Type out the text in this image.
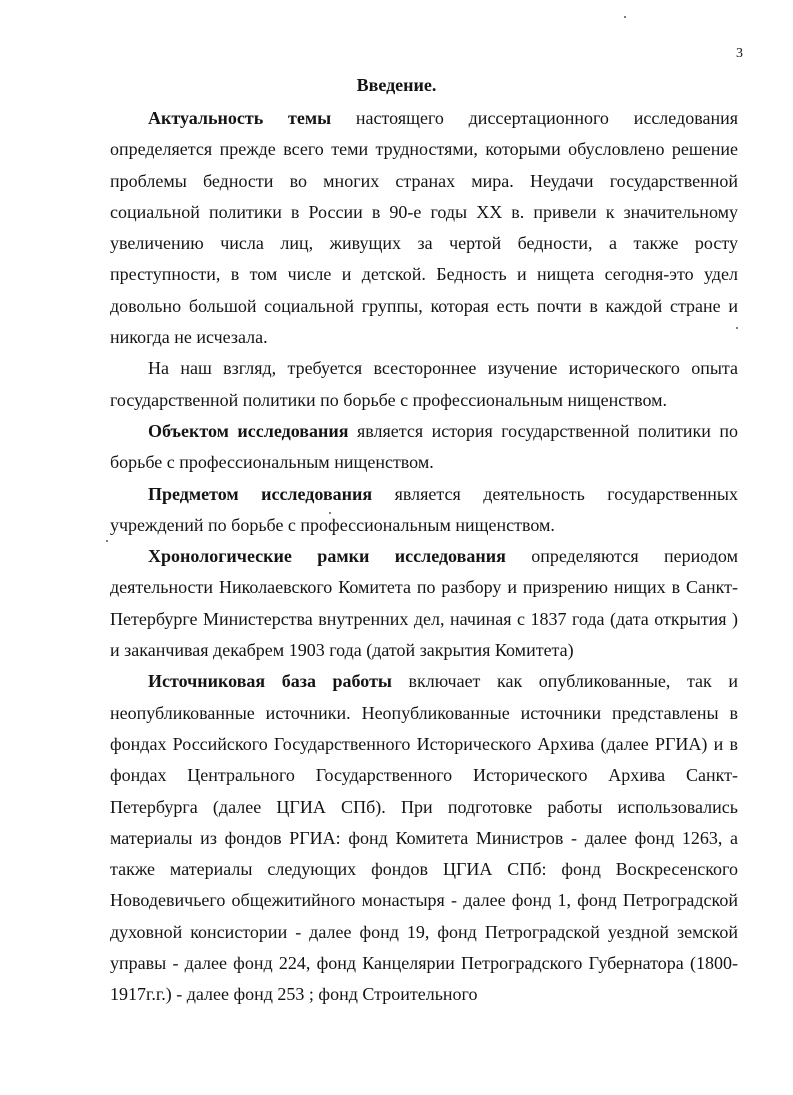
3
Введение.

Актуальность темы настоящего диссертационного исследования определяется прежде всего теми трудностями, которыми обусловлено решение проблемы бедности во многих странах мира. Неудачи государственной социальной политики в России в 90-е годы XX в. привели к значительному увеличению числа лиц, живущих за чертой бедности, а также росту преступности, в том числе и детской. Бедность и нищета сегодня-это удел довольно большой социальной группы, которая есть почти в каждой стране и никогда не исчезала.

На наш взгляд, требуется всестороннее изучение исторического опыта государственной политики по борьбе с профессиональным нищенством.

Объектом исследования является история государственной политики по борьбе с профессиональным нищенством.

Предметом исследования является деятельность государственных учреждений по борьбе с профессиональным нищенством.

Хронологические рамки исследования определяются периодом деятельности Николаевского Комитета по разбору и призрению нищих в Санкт-Петербурге Министерства внутренних дел, начиная с 1837 года (дата открытия ) и заканчивая декабрем 1903 года (датой закрытия Комитета)

Источниковая база работы включает как опубликованные, так и неопубликованные источники. Неопубликованные источники представлены в фондах Российского Государственного Исторического Архива (далее РГИА) и в фондах Центрального Государственного Исторического Архива Санкт-Петербурга (далее ЦГИА СПб). При подготовке работы использовались материалы из фондов РГИА: фонд Комитета Министров - далее фонд 1263, а также материалы следующих фондов ЦГИА СПб: фонд Воскресенского Новодевичьего общежитийного монастыря - далее фонд 1, фонд Петроградской духовной консистории - далее фонд 19, фонд Петроградской уездной земской управы - далее фонд 224, фонд Канцелярии Петроградского Губернатора (1800-1917г.г.) - далее фонд 253 ; фонд Строительного
